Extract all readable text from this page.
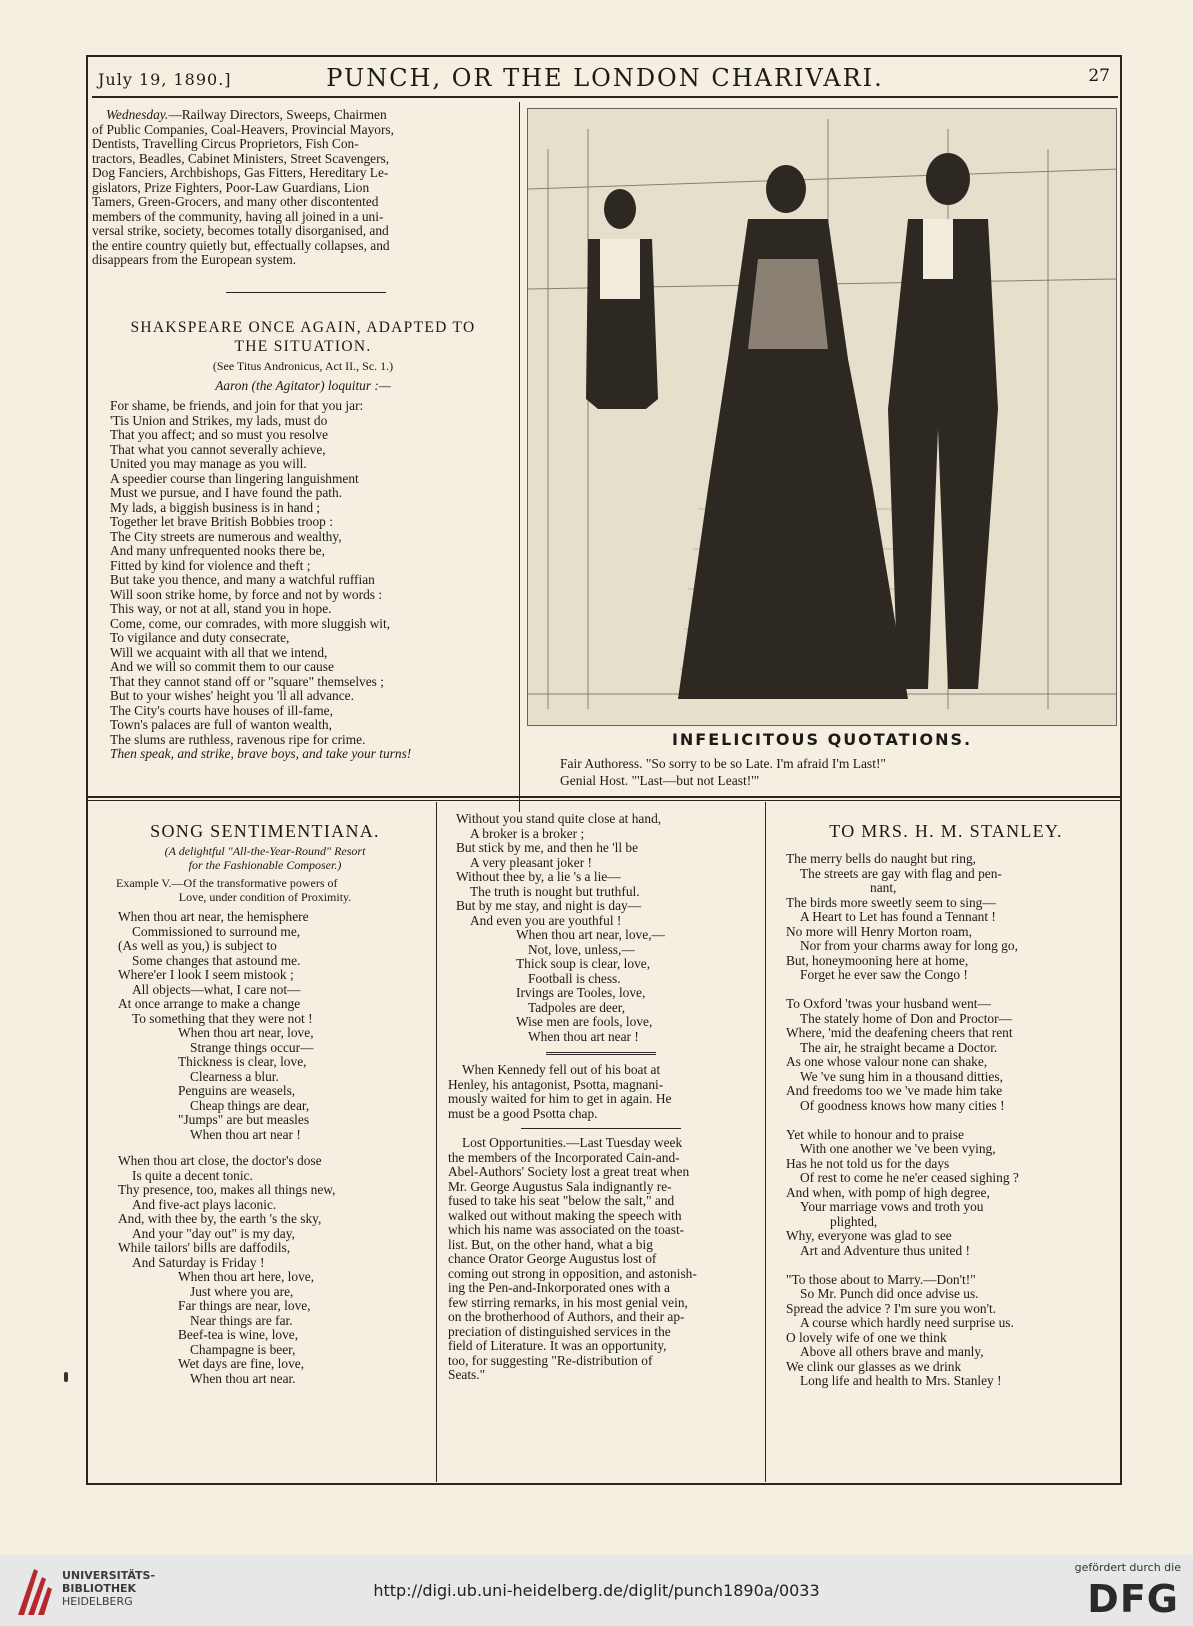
July 19, 1890.]	PUNCH, OR THE LONDON CHARIVARI.	27
Wednesday.—Railway Directors, Sweeps, Chairmen
of Public Companies, Coal-Heavers, Provincial Mayors,
Dentists, Travelling Circus Proprietors, Fish Con-
tractors, Beadles, Cabinet Ministers, Street Scavengers,
Dog Fanciers, Archbishops, Gas Fitters, Hereditary Le-
gislators, Prize Fighters, Poor-Law Guardians, Lion
Tamers, Green-Grocers, and many other discontented
members of the community, having all joined in a uni-
versal strike, society, becomes totally disorganised, and
the entire country quietly but, effectually collapses, and
disappears from the European system.
SHAKSPEARE ONCE AGAIN, ADAPTED TO
THE SITUATION.
(See Titus Andronicus, Act II., Sc. 1.)
Aaron (the Agitator) loquitur :—
For shame, be friends, and join for that you jar:
'Tis Union and Strikes, my lads, must do
That you affect; and so must you resolve
That what you cannot severally achieve,
United you may manage as you will.
A speedier course than lingering languishment
Must we pursue, and I have found the path.
My lads, a biggish business is in hand ;
Together let brave British Bobbies troop :
The City streets are numerous and wealthy,
And many unfrequented nooks there be,
Fitted by kind for violence and theft ;
But take you thence, and many a watchful ruffian
Will soon strike home, by force and not by words :
This way, or not at all, stand you in hope.
Come, come, our comrades, with more sluggish wit,
To vigilance and duty consecrate,
Will we acquaint with all that we intend,
And we will so commit them to our cause
That they cannot stand off or "square" themselves ;
But to your wishes' height you 'll all advance.
The City's courts have houses of ill-fame,
Town's palaces are full of wanton wealth,
The slums are ruthless, ravenous ripe for crime.
Then speak, and strike, brave boys, and take your turns!
INFELICITOUS QUOTATIONS.
Fair Authoress. "So sorry to be so Late. I'm afraid I'm Last!"
Genial Host. "'Last—but not Least!'"
SONG SENTIMENTIANA.
(A delightful "All-the-Year-Round" Resort
for the Fashionable Composer.)
Example V.—Of the transformative powers of
Love, under condition of Proximity.
When thou art near, the hemisphere
Commissioned to surround me,
(As well as you,) is subject to
Some changes that astound me.
Where'er I look I seem mistook ;
All objects—what, I care not—
At once arrange to make a change
To something that they were not !
When thou art near, love,
Strange things occur—
Thickness is clear, love,
Clearness a blur.
Penguins are weasels,
Cheap things are dear,
"Jumps" are but measles
When thou art near !
When thou art close, the doctor's dose
Is quite a decent tonic.
Thy presence, too, makes all things new,
And five-act plays laconic.
And, with thee by, the earth 's the sky,
And your "day out" is my day,
While tailors' bills are daffodils,
And Saturday is Friday !
When thou art here, love,
Just where you are,
Far things are near, love,
Near things are far.
Beef-tea is wine, love,
Champagne is beer,
Wet days are fine, love,
When thou art near.
Without you stand quite close at hand,
A broker is a broker ;
But stick by me, and then he 'll be
A very pleasant joker !
Without thee by, a lie 's a lie—
The truth is nought but truthful.
But by me stay, and night is day—
And even you are youthful !
When thou art near, love,—
Not, love, unless,—
Thick soup is clear, love,
Football is chess.
Irvings are Tooles, love,
Tadpoles are deer,
Wise men are fools, love,
When thou art near !
When Kennedy fell out of his boat at
Henley, his antagonist, Psotta, magnani-
mously waited for him to get in again. He
must be a good Psotta chap.
Lost Opportunities.—Last Tuesday week
the members of the Incorporated Cain-and-
Abel-Authors' Society lost a great treat when
Mr. George Augustus Sala indignantly re-
fused to take his seat "below the salt," and
walked out without making the speech with
which his name was associated on the toast-
list. But, on the other hand, what a big
chance Orator George Augustus lost of
coming out strong in opposition, and astonish-
ing the Pen-and-Inkorporated ones with a
few stirring remarks, in his most genial vein,
on the brotherhood of Authors, and their ap-
preciation of distinguished services in the
field of Literature. It was an opportunity,
too, for suggesting "Re-distribution of
Seats."
TO MRS. H. M. STANLEY.
The merry bells do naught but ring,
The streets are gay with flag and pen-
nant,
The birds more sweetly seem to sing—
A Heart to Let has found a Tennant !
No more will Henry Morton roam,
Nor from your charms away for long go,
But, honeymooning here at home,
Forget he ever saw the Congo !

To Oxford 'twas your husband went—
The stately home of Don and Proctor—
Where, 'mid the deafening cheers that rent
The air, he straight became a Doctor.
As one whose valour none can shake,
We 've sung him in a thousand ditties,
And freedoms too we 've made him take
Of goodness knows how many cities !

Yet while to honour and to praise
With one another we 've been vying,
Has he not told us for the days
Of rest to come he ne'er ceased sighing ?
And when, with pomp of high degree,
Your marriage vows and troth you
plighted,
Why, everyone was glad to see
Art and Adventure thus united !

"To those about to Marry.—Don't!"
So Mr. Punch did once advise us.
Spread the advice ? I'm sure you won't.
A course which hardly need surprise us.
O lovely wife of one we think
Above all others brave and manly,
We clink our glasses as we drink
Long life and health to Mrs. Stanley !
UNIVERSITÄTS-
BIBLIOTHEK
HEIDELBERG
http://digi.ub.uni-heidelberg.de/diglit/punch1890a/0033
gefördert durch die
DFG
